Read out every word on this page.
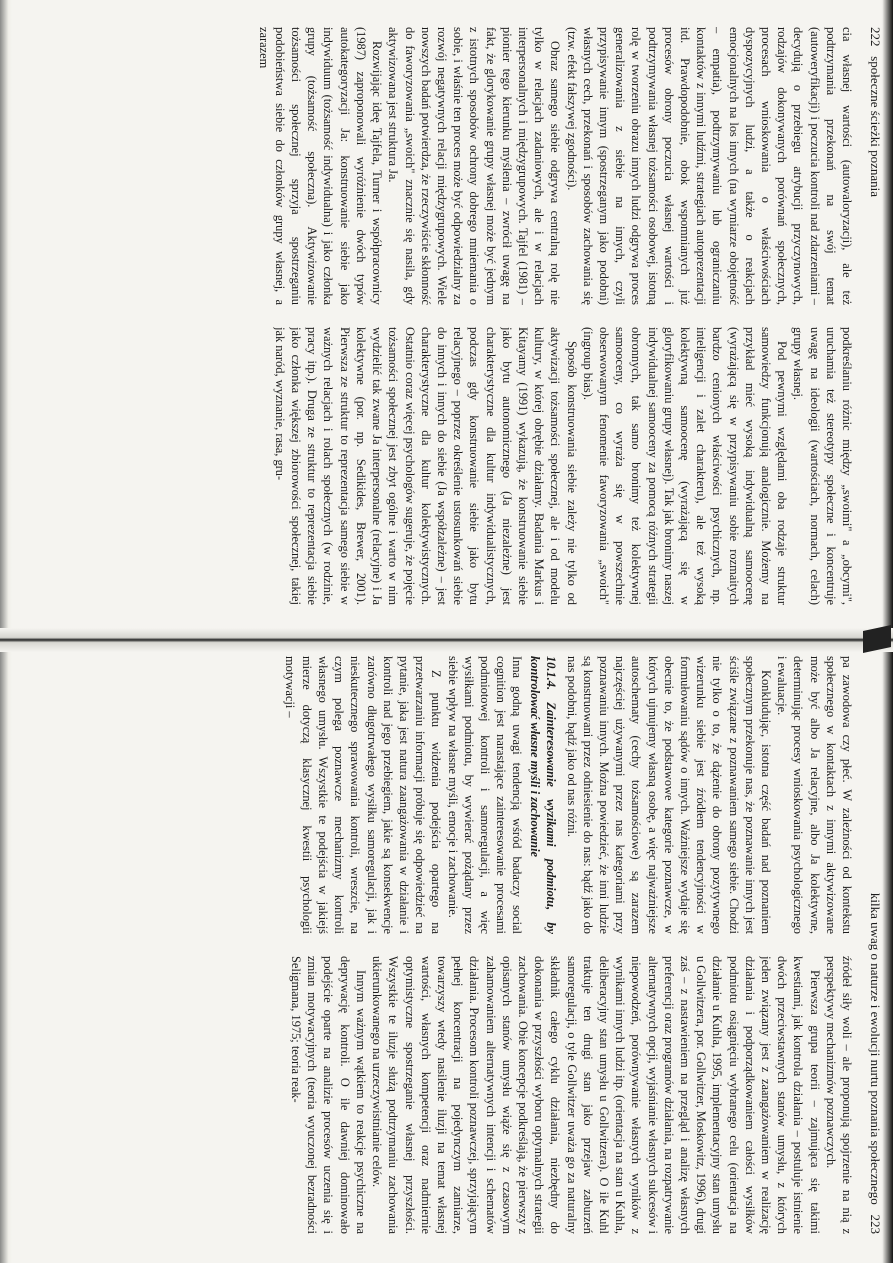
222   społeczne ścieżki poznania

cia własnej wartości (autowaloryzacji), ale też podtrzymania przekonań na swój temat (autoweryfikacji) i poczucia kontroli nad zdarzeniami – decydują o przebiegu atrybucji przyczynowych, rodzajów dokonywanych porównań społecznych, procesach wnioskowania o właściwościach dyspozycyjnych ludzi, a także o reakcjach emocjonalnych na los innych (na wymiarze obojętność – empatia), podtrzymywaniu lub ograniczaniu kontaktów z innymi ludźmi, strategiach autoprezentacji itd. Prawdopodobnie, obok wspomnianych już procesów obrony poczucia własnej wartości i podtrzymywania własnej tożsamości osobowej, istotną rolę w tworzeniu obrazu innych ludzi odgrywa proces generalizowania z siebie na innych, czyli przypisywanie innym (spostrzeganym jako podobni) własnych cech, przekonań i sposobów zachowania się (tzw. efekt fałszywej zgodności).

Obraz samego siebie odgrywa centralną rolę nie tylko w relacjach zadaniowych, ale i w relacjach interpersonalnych i międzygrupowych. Tajfel (1981) – pionier tego kierunku myślenia – zwrócił uwagę na fakt, że glorykowanie grupy własnej może być jednym z istotnych sposobów ochrony dobrego mniemania o sobie, i właśnie ten proces może być odpowiedzialny za rozwój negatywnych relacji międzygrupowych. Wiele nowszych badań potwierdza, że rzeczywiście skłonność do faworyzowania „swoich" znacznie się nasila, gdy aktywizowana jest struktura Ja.

Rozwijając ideę Tajfela, Turner i współpracownicy (1987) zaproponowali wyróżnienie dwóch typów autokategoryzacji Ja: konstruowanie siebie jako indywiduum (tożsamość indywidualna) i jako członka grupy (tożsamość społeczna). Aktywizowanie tożsamości społecznej sprzyja spostrzeganiu podobieństwa siebie do członków grupy własnej, a zarazem

podkreślaniu różnic między „swoimi" a „obcymi", uruchamia też stereotypy społeczne i koncentruje uwagę na ideologii (wartościach, normach, celach) grupy własnej.

Pod pewnymi względami oba rodzaje struktur samowiedzy funkcjonują analogicznie. Możemy na przykład mieć wysoką indywidualną samoocenę (wyrażającą się w przypisywaniu sobie rozmaitych bardzo cenionych właściwości psychicznych, np. inteligencji i zalet charakteru), ale też wysoką kolektywną samoocenę (wyrażającą się w gloryfikowaniu grupy własnej). Tak jak bronimy naszej indywidualnej samooceny za pomocą różnych strategii obronnych, tak samo bronimy też kolektywnej samooceny, co wyraża się w powszechnie obserwowanym fenomenie faworyzowania „swoich" (ingroup bias).

Sposób konstruowania siebie zależy nie tylko od aktywizacji tożsamości społecznej, ale i od modelu kultury, w której obrębie działamy. Badania Markus i Kitayamy (1991) wykazują, że konstruowanie siebie jako bytu autonomicznego (Ja niezależne) jest charakterystyczne dla kultur indywidualistycznych, podczas gdy konstruowanie siebie jako bytu relacyjnego – poprzez określenie ustosunkowań siebie do innych i innych do siebie (Ja współzależne) – jest charakterystyczne dla kultur kolektywistycznych. Ostatnio coraz więcej psychologów sugeruje, że pojęcie tożsamości społecznej jest zbyt ogólne i warto w nim wydzielić tak zwane Ja interpersonalne (relacyjne) i Ja kolektywne (por. np. Sedikides, Brewer, 2001). Pierwsza ze struktur to reprezentacja samego siebie w ważnych relacjach i rolach społecznych (w rodzinie, pracy itp.). Druga ze struktur to reprezentacja siebie jako członka większej zbiorowości społecznej, takiej jak naród, wyznanie, rasa, gru-

kilka uwag o naturze i ewolucji nurtu poznania społecznego   223

pa zawodowa czy płeć. W zależności od kontekstu społecznego w kontaktach z innymi aktywizowane może być albo Ja relacyjne, albo Ja kolektywne, determinując procesy wnioskowania psychologicznego i ewaluacje.

Konkludując, istotna część badań nad poznaniem społecznym przekonuje nas, że poznawanie innych jest ściśle związane z poznawaniem samego siebie. Chodzi nie tylko o to, że dążenie do obrony pozytywnego wizerunku siebie jest źródłem tendencyjności w formułowaniu sądów o innych. Ważniejsze wydaje się obecnie to, że podstawowe kategorie poznawcze, w których ujmujemy własną osobę, a więc najważniejsze autoschematy (cechy tożsamościowe) są zarazem najczęściej używanymi przez nas kategoriami przy poznawaniu innych. Można powiedzieć, że inni ludzie są konstruowani przez odniesienie do nas: bądź jako do nas podobni, bądź jako od nas różni.

10.1.4. Zainteresowanie wyzikami podmiotu, by kontrolować własne myśli i zachowanie

Inna godną uwagi tendencją wśród badaczy social cognition jest narastające zainteresowanie procesami podmiotowej kontroli i samoregulacji, a więc wysiłkami podmiotu, by wywierać pożądany przez siebie wpływ na własne myśli, emocje i zachowanie.

Z punktu widzenia podejścia opartego na przetwarzaniu informacji próbuje się odpowiedzieć na pytanie, jaka jest natura zaangażowania w działanie i kontroli nad jego przebiegiem, jakie są konsekwencje zarówno długotrwałego wysiłku samoregulacji, jak i nieskutecznego sprawowania kontroli, wreszcie, na czym polega poznawcze mechanizmy kontroli własnego umysłu. Wszystkie te podejścia w jakiejś mierze dotyczą klasycznej kwestii psychologii motywacji –

źródeł siły woli – ale proponują spojrzenie na nią z perspektywy mechanizmów poznawczych.

Pierwsza grupa teorii – zajmująca się takimi kwestiami, jak kontrola działania – postuluje istnienie dwóch przeciwstawnych stanów umysłu, z których jeden związany jest z zaangażowaniem w realizację działania i podporządkowaniem całości wysiłków podmiotu osiągnięciu wybranego celu (orientacja na działanie u Kuhla, 1995, implementacyjny stan umysłu u Gollwitzera, por. Gollwitzer, Moskowitz, 1996), drugi zaś – z nastawieniem na przegląd i analizę własnych preferencji oraz programów działania, na rozpatrywanie alternatywnych opcji, wyjaśnianie własnych sukcesów i niepowodzeń, porównywanie własnych wyników z wynikami innych ludzi itp. (orientacja na stan u Kuhla, deliberacyjny stan umysłu u Gollwitzera). O ile Kuhl traktuje ten drugi stan jako przejaw zaburzeń samoregulacji, o tyle Gollwitzer uważa go za naturalny składnik całego cyklu działania, niezbędny do dokonania w przyszłości wyboru optymalnych strategii zachowania. Obie koncepcje podkreślają, że pierwszy z opisanych stanów umysłu wiąże się z czasowym zahamowaniem alternatywnych intencji i schematów działania. Procesom kontroli poznawczej, sprzyjającym pełnej koncentracji na pojedynczym zamiarze, towarzyszy wtedy nasilenie iluzji na temat własnej wartości, własnych kompetencji oraz nadmiernie optymistyczne spostrzeganie własnej przyszłości. Wszystkie te iluzje służą podtrzymaniu zachowania ukierunkowanego na urzeczywistnianie celów.

Innym ważnym wątkiem to reakcje psychiczne na deprywację kontroli. O ile dawniej dominowało podejście oparte na analizie procesów uczenia się i zmian motywacyjnych (teoria wyuczonej bezradności Seligmana, 1975; teoria reak-
